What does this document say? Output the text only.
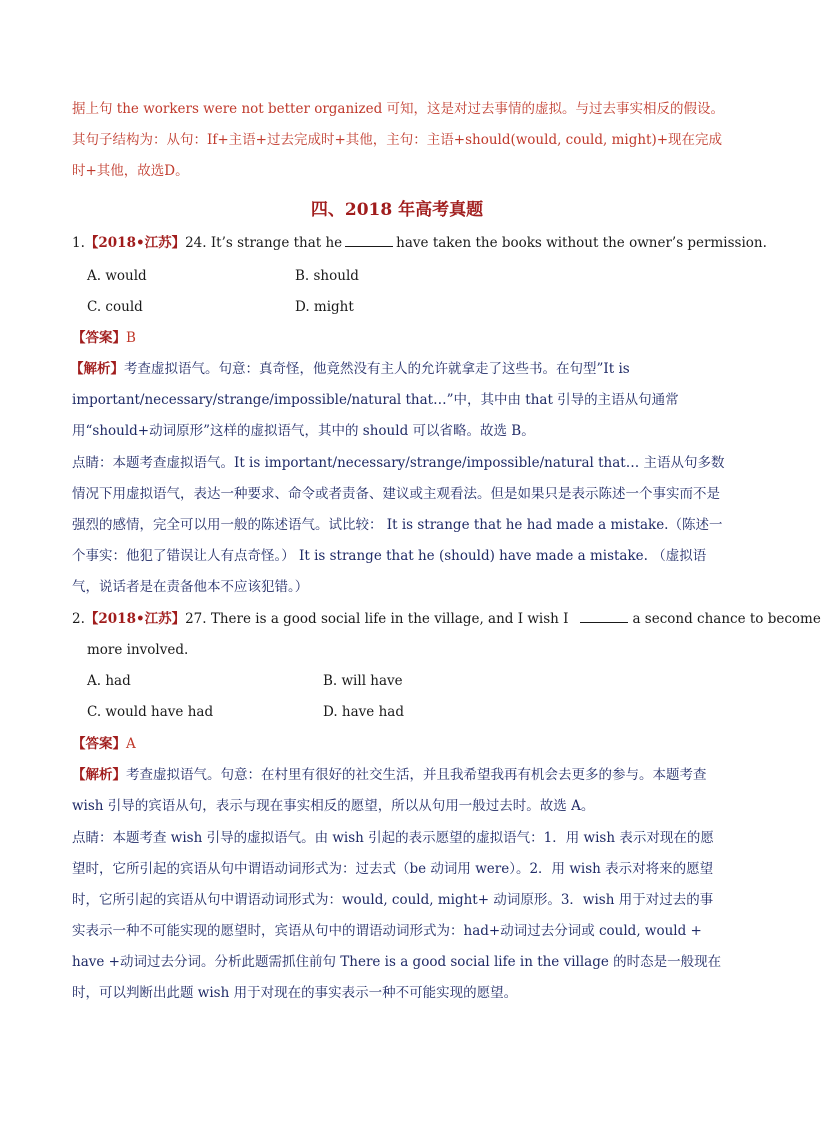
据上句 the workers were not better organized 可知，这是对过去事情的虚拟。与过去事实相反的假设。其句子结构为：从句：If+主语+过去完成时+其他，主句：主语+should(would, could, might)+现在完成时+其他，故选D。
四、2018 年高考真题
1.【2018•江苏】24. It’s strange that he	have taken the books without the owner’s permission.
A. would	B. should
C. could	D. might
【答案】B
【解析】考查虚拟语气。句意：真奇怪，他竟然没有主人的允许就拿走了这些书。在句型”It is important/necessary/strange/impossible/natural that…”中，其中由 that 引导的主语从句通常用“should+动词原形”这样的虚拟语气，其中的 should 可以省略。故选 B。
点睛：本题考查虚拟语气。It is important/necessary/strange/impossible/natural that… 主语从句多数情况下用虚拟语气，表达一种要求、命令或者责备、建议或主观看法。但是如果只是表示陈述一个事实而不是强烈的感情，完全可以用一般的陈述语气。试比较： It is strange that he had made a mistake.（陈述一个事实：他犯了错误让人有点奇怪。） It is strange that he (should) have made a mistake. （虚拟语气，说话者是在责备他本不应该犯错。）
2.【2018•江苏】27. There is a good social life in the village, and I wish I	a second chance to become
more involved.
A. had	B. will have
C. would have had	D. have had
【答案】A
【解析】考查虚拟语气。句意：在村里有很好的社交生活，并且我希望我再有机会去更多的参与。本题考查 wish 引导的宾语从句，表示与现在事实相反的愿望，所以从句用一般过去时。故选 A。
点睛：本题考查 wish 引导的虚拟语气。由 wish 引起的表示愿望的虚拟语气：1．用 wish 表示对现在的愿望时，它所引起的宾语从句中谓语动词形式为：过去式（be 动词用 were）。2．用 wish 表示对将来的愿望时，它所引起的宾语从句中谓语动词形式为：would, could, might+ 动词原形。3．wish 用于对过去的事实表示一种不可能实现的愿望时，宾语从句中的谓语动词形式为：had+动词过去分词或 could, would + have +动词过去分词。分析此题需抓住前句 There is a good social life in the village 的时态是一般现在时，可以判断出此题 wish 用于对现在的事实表示一种不可能实现的愿望。
